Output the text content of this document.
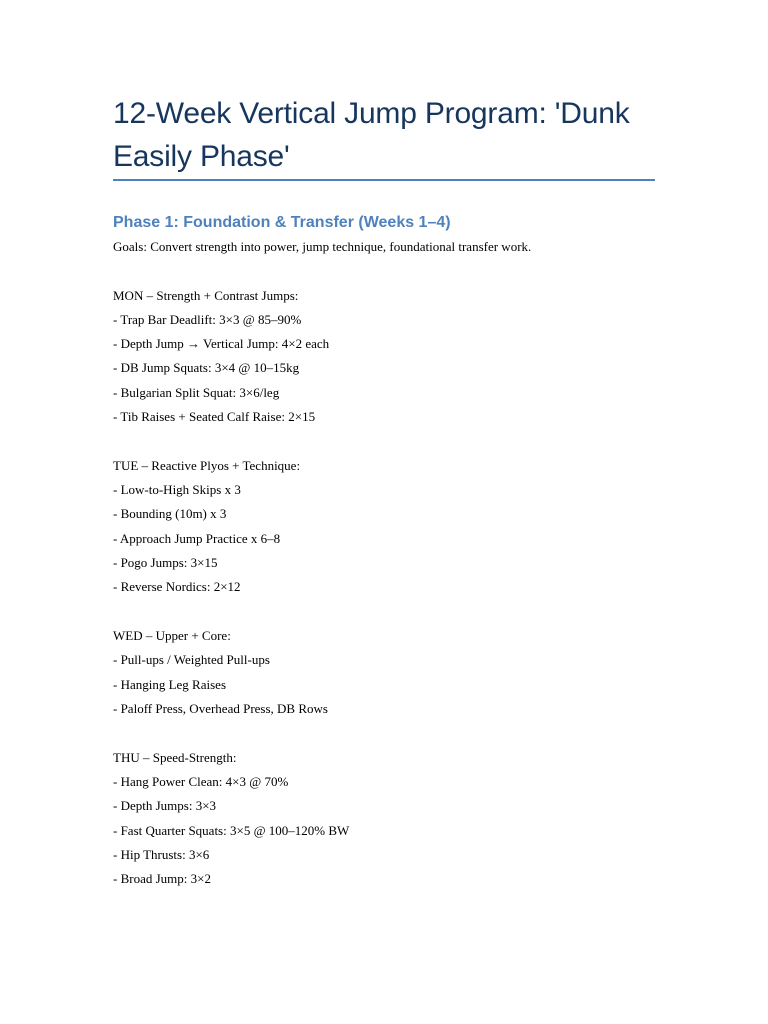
12-Week Vertical Jump Program: 'Dunk Easily Phase'
Phase 1: Foundation & Transfer (Weeks 1–4)

Goals: Convert strength into power, jump technique, foundational transfer work.

MON – Strength + Contrast Jumps:

- Trap Bar Deadlift: 3×3 @ 85–90%

- Depth Jump → Vertical Jump: 4×2 each

- DB Jump Squats: 3×4 @ 10–15kg

- Bulgarian Split Squat: 3×6/leg

- Tib Raises + Seated Calf Raise: 2×15

TUE – Reactive Plyos + Technique:

- Low-to-High Skips x 3

- Bounding (10m) x 3

- Approach Jump Practice x 6–8

- Pogo Jumps: 3×15

- Reverse Nordics: 2×12

WED – Upper + Core:

- Pull-ups / Weighted Pull-ups

- Hanging Leg Raises

- Paloff Press, Overhead Press, DB Rows

THU – Speed-Strength:

- Hang Power Clean: 4×3 @ 70%

- Depth Jumps: 3×3

- Fast Quarter Squats: 3×5 @ 100–120% BW

- Hip Thrusts: 3×6

- Broad Jump: 3×2
